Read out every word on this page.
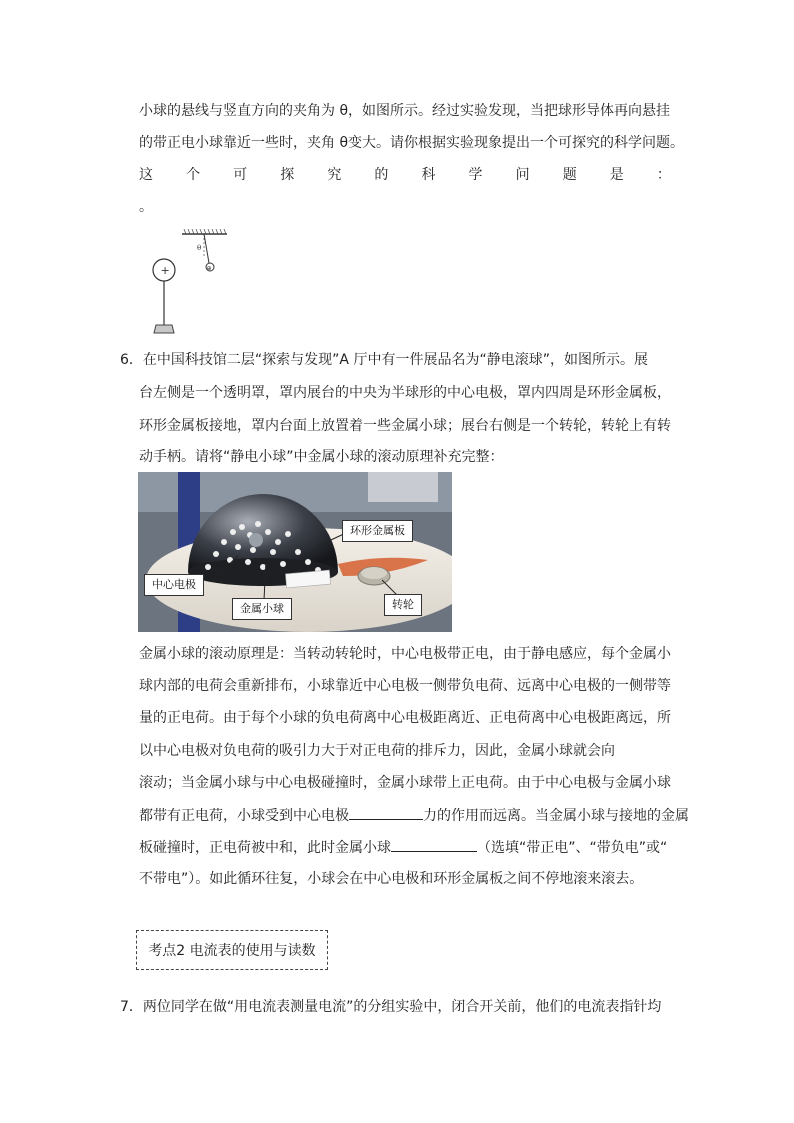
小球的悬线与竖直方向的夹角为 θ，如图所示。经过实验发现，当把球形导体再向悬挂
的带正电小球靠近一些时，夹角 θ变大。请你根据实验现象提出一个可探究的科学问题。
这 个 可 探 究 的 科 学 问 题 是 ：
。
θ
⊕
+
6．在中国科技馆二层“探索与发现”A 厅中有一件展品名为“静电滚球”，如图所示。展
台左侧是一个透明罩，罩内展台的中央为半球形的中心电极，罩内四周是环形金属板，
环形金属板接地，罩内台面上放置着一些金属小球；展台右侧是一个转轮，转轮上有转
动手柄。请将“静电小球”中金属小球的滚动原理补充完整：
中心电极
环形金属板
金属小球	转轮
金属小球的滚动原理是：当转动转轮时，中心电极带正电，由于静电感应，每个金属小
球内部的电荷会重新排布，小球靠近中心电极一侧带负电荷、远离中心电极的一侧带等
量的正电荷。由于每个小球的负电荷离中心电极距离近、正电荷离中心电极距离远，所
以中心电极对负电荷的吸引力大于对正电荷的排斥力，因此，金属小球就会向
滚动；当金属小球与中心电极碰撞时，金属小球带上正电荷。由于中心电极与金属小球
都带有正电荷，小球受到中心电极	力的作用而远离。当金属小球与接地的金属
板碰撞时，正电荷被中和，此时金属小球	（选填“带正电”、“带负电”或“
不带电”）。如此循环往复，小球会在中心电极和环形金属板之间不停地滚来滚去。
考点2 电流表的使用与读数
7．两位同学在做“用电流表测量电流”的分组实验中，闭合开关前，他们的电流表指针均
